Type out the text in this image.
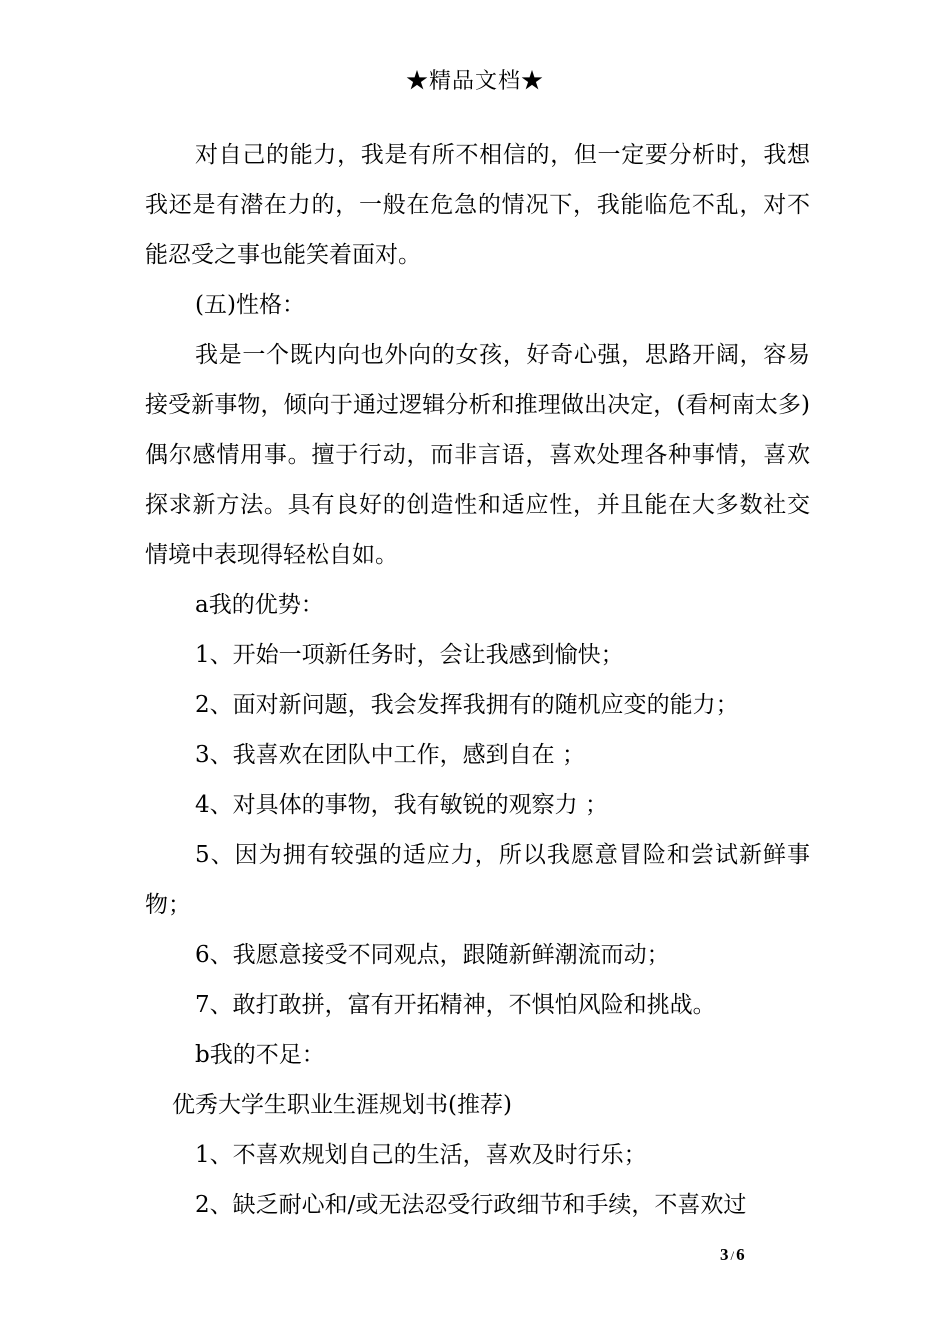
★精品文档★

对自己的能力，我是有所不相信的，但一定要分析时，我想我还是有潜在力的，一般在危急的情况下，我能临危不乱，对不能忍受之事也能笑着面对。

(五)性格：

我是一个既内向也外向的女孩，好奇心强，思路开阔，容易接受新事物，倾向于通过逻辑分析和推理做出决定，(看柯南太多)偶尔感情用事。擅于行动，而非言语，喜欢处理各种事情，喜欢探求新方法。具有良好的创造性和适应性，并且能在大多数社交情境中表现得轻松自如。

a我的优势：

1、开始一项新任务时，会让我感到愉快；

2、面对新问题，我会发挥我拥有的随机应变的能力；

3、我喜欢在团队中工作，感到自在 ；

4、对具体的事物，我有敏锐的观察力 ；

5、因为拥有较强的适应力，所以我愿意冒险和尝试新鲜事物；

6、我愿意接受不同观点，跟随新鲜潮流而动；

7、敢打敢拼，富有开拓精神，不惧怕风险和挑战。

b我的不足：

优秀大学生职业生涯规划书(推荐)

1、不喜欢规划自己的生活，喜欢及时行乐；

2、缺乏耐心和/或无法忍受行政细节和手续，不喜欢过

3 / 6
